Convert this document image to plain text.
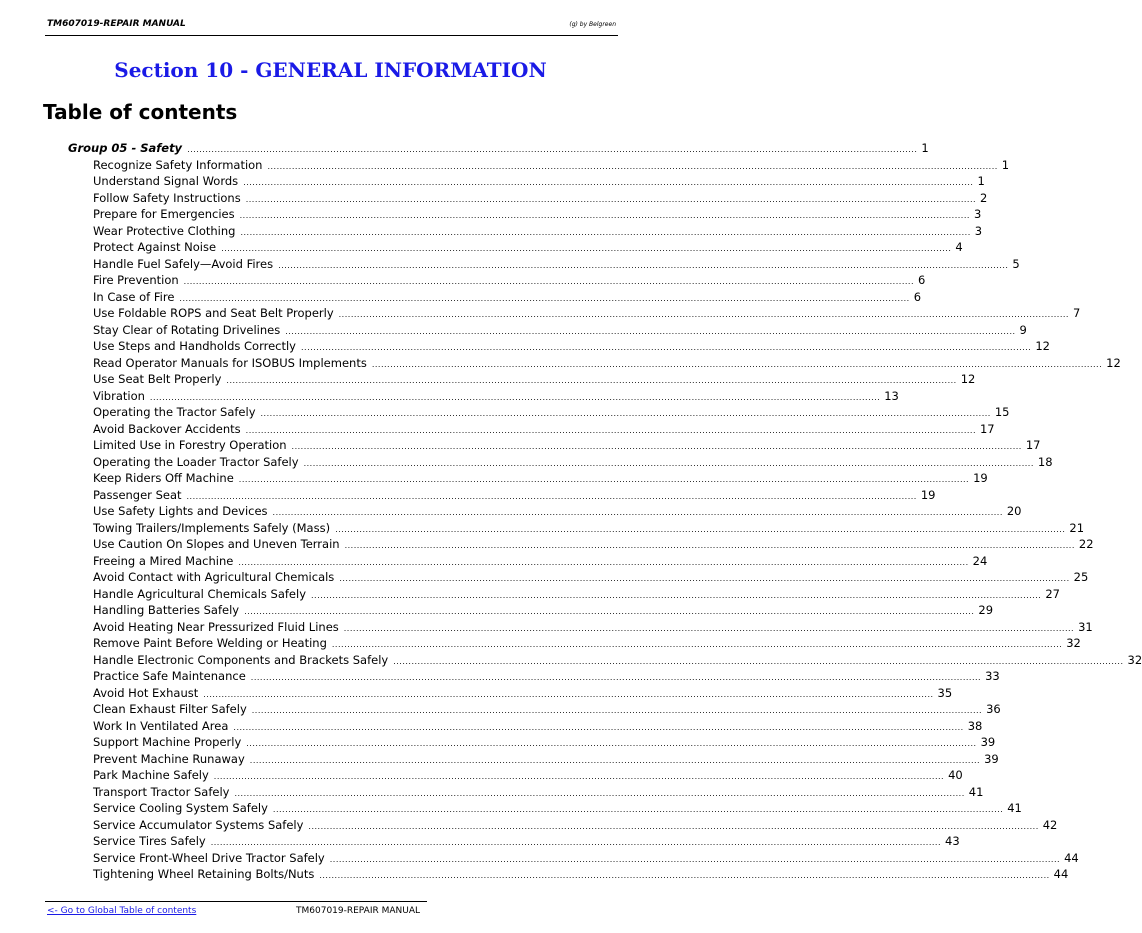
TM607019-REPAIR MANUAL	(g) by Belgreen
Section 10 - GENERAL INFORMATION
Table of contents
Group 05 - Safety ................................................................................................................................................................................................................................................ 1
Recognize Safety Information ................................................................................................................................................................................................................................................ 1
Understand Signal Words ................................................................................................................................................................................................................................................ 1
Follow Safety Instructions ................................................................................................................................................................................................................................................ 2
Prepare for Emergencies ................................................................................................................................................................................................................................................ 3
Wear Protective Clothing ................................................................................................................................................................................................................................................ 3
Protect Against Noise ................................................................................................................................................................................................................................................ 4
Handle Fuel Safely—Avoid Fires ................................................................................................................................................................................................................................................ 5
Fire Prevention ................................................................................................................................................................................................................................................ 6
In Case of Fire ................................................................................................................................................................................................................................................ 6
Use Foldable ROPS and Seat Belt Properly ................................................................................................................................................................................................................................................ 7
Stay Clear of Rotating Drivelines ................................................................................................................................................................................................................................................ 9
Use Steps and Handholds Correctly ................................................................................................................................................................................................................................................ 12
Read Operator Manuals for ISOBUS Implements ................................................................................................................................................................................................................................................ 12
Use Seat Belt Properly ................................................................................................................................................................................................................................................ 12
Vibration ................................................................................................................................................................................................................................................ 13
Operating the Tractor Safely ................................................................................................................................................................................................................................................ 15
Avoid Backover Accidents ................................................................................................................................................................................................................................................ 17
Limited Use in Forestry Operation ................................................................................................................................................................................................................................................ 17
Operating the Loader Tractor Safely ................................................................................................................................................................................................................................................ 18
Keep Riders Off Machine ................................................................................................................................................................................................................................................ 19
Passenger Seat ................................................................................................................................................................................................................................................ 19
Use Safety Lights and Devices ................................................................................................................................................................................................................................................ 20
Towing Trailers/Implements Safely (Mass) ................................................................................................................................................................................................................................................ 21
Use Caution On Slopes and Uneven Terrain ................................................................................................................................................................................................................................................ 22
Freeing a Mired Machine ................................................................................................................................................................................................................................................ 24
Avoid Contact with Agricultural Chemicals ................................................................................................................................................................................................................................................ 25
Handle Agricultural Chemicals Safely ................................................................................................................................................................................................................................................ 27
Handling Batteries Safely ................................................................................................................................................................................................................................................ 29
Avoid Heating Near Pressurized Fluid Lines ................................................................................................................................................................................................................................................ 31
Remove Paint Before Welding or Heating ................................................................................................................................................................................................................................................ 32
Handle Electronic Components and Brackets Safely ................................................................................................................................................................................................................................................ 32
Practice Safe Maintenance ................................................................................................................................................................................................................................................ 33
Avoid Hot Exhaust ................................................................................................................................................................................................................................................ 35
Clean Exhaust Filter Safely ................................................................................................................................................................................................................................................ 36
Work In Ventilated Area ................................................................................................................................................................................................................................................ 38
Support Machine Properly ................................................................................................................................................................................................................................................ 39
Prevent Machine Runaway ................................................................................................................................................................................................................................................ 39
Park Machine Safely ................................................................................................................................................................................................................................................ 40
Transport Tractor Safely ................................................................................................................................................................................................................................................ 41
Service Cooling System Safely ................................................................................................................................................................................................................................................ 41
Service Accumulator Systems Safely ................................................................................................................................................................................................................................................ 42
Service Tires Safely ................................................................................................................................................................................................................................................ 43
Service Front-Wheel Drive Tractor Safely ................................................................................................................................................................................................................................................ 44
Tightening Wheel Retaining Bolts/Nuts ................................................................................................................................................................................................................................................ 44
<- Go to Global Table of contents	TM607019-REPAIR MANUAL
